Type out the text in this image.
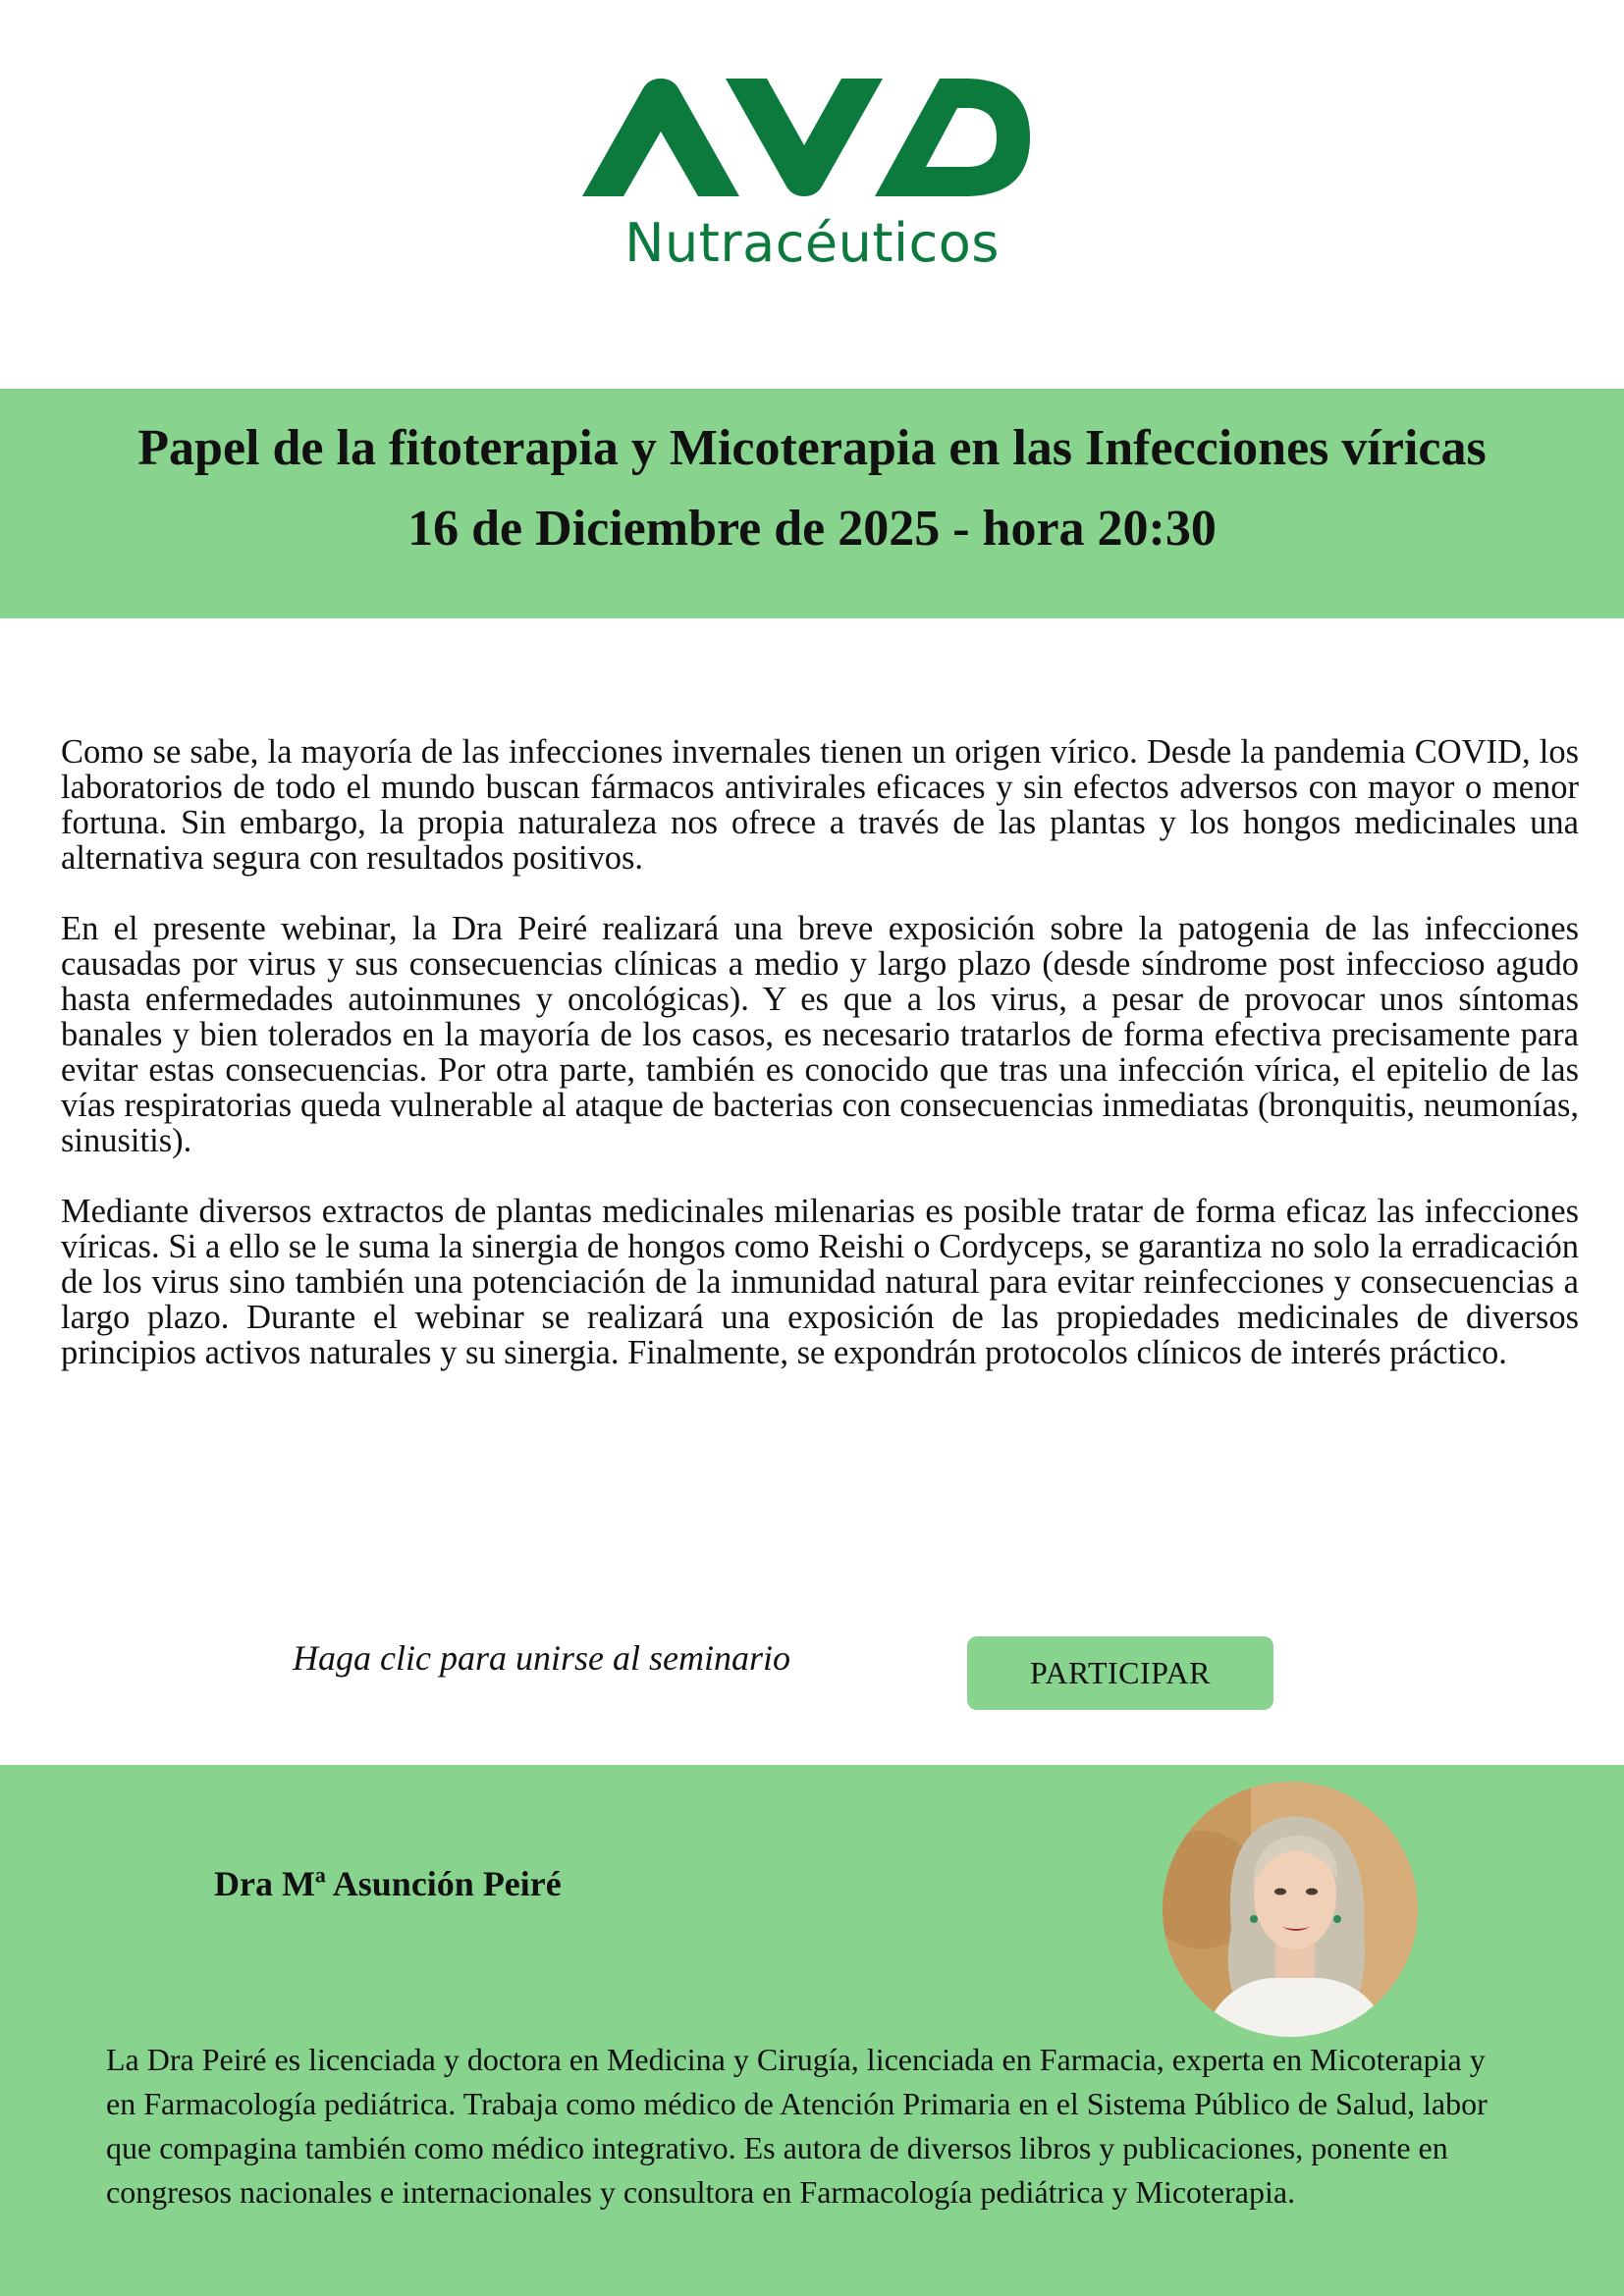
Nutracéuticos
Papel de la fitoterapia y Micoterapia en las Infecciones víricas
16 de Diciembre de 2025 - hora 20:30

Como se sabe, la mayoría de las infecciones invernales tienen un origen vírico. Desde la pandemia COVID, los laboratorios de todo el mundo buscan fármacos antivirales eficaces y sin efectos adversos con mayor o menor fortuna. Sin embargo, la propia naturaleza nos ofrece a través de las plantas y los hongos medicinales una alternativa segura con resultados positivos.

En el presente webinar, la Dra Peiré realizará una breve exposición sobre la patogenia de las infecciones causadas por virus y sus consecuencias clínicas a medio y largo plazo (desde síndrome post infeccioso agudo hasta enfermedades autoinmunes y oncológicas). Y es que a los virus, a pesar de provocar unos síntomas banales y bien tolerados en la mayoría de los casos, es necesario tratarlos de forma efectiva precisamente para evitar estas consecuencias. Por otra parte, también es conocido que tras una infección vírica, el epitelio de las vías respiratorias queda vulnerable al ataque de bacterias con consecuencias inmediatas (bronquitis, neumonías, sinusitis).

Mediante diversos extractos de plantas medicinales milenarias es posible tratar de forma eficaz las infecciones víricas. Si a ello se le suma la sinergia de hongos como Reishi o Cordyceps, se garantiza no solo la erradicación de los virus sino también una potenciación de la inmunidad natural para evitar reinfecciones y consecuencias a largo plazo. Durante el webinar se realizará una exposición de las propiedades medicinales de diversos principios activos naturales y su sinergia. Finalmente, se expondrán protocolos clínicos de interés práctico.

Haga clic para unirse al seminario	PARTICIPAR
Dra Mª Asunción Peiré
La Dra Peiré es licenciada y doctora en Medicina y Cirugía, licenciada en Farmacia, experta en Micoterapia y en Farmacología pediátrica. Trabaja como médico de Atención Primaria en el Sistema Público de Salud, labor que compagina también como médico integrativo. Es autora de diversos libros y publicaciones, ponente en congresos nacionales e internacionales y consultora en Farmacología pediátrica y Micoterapia.
